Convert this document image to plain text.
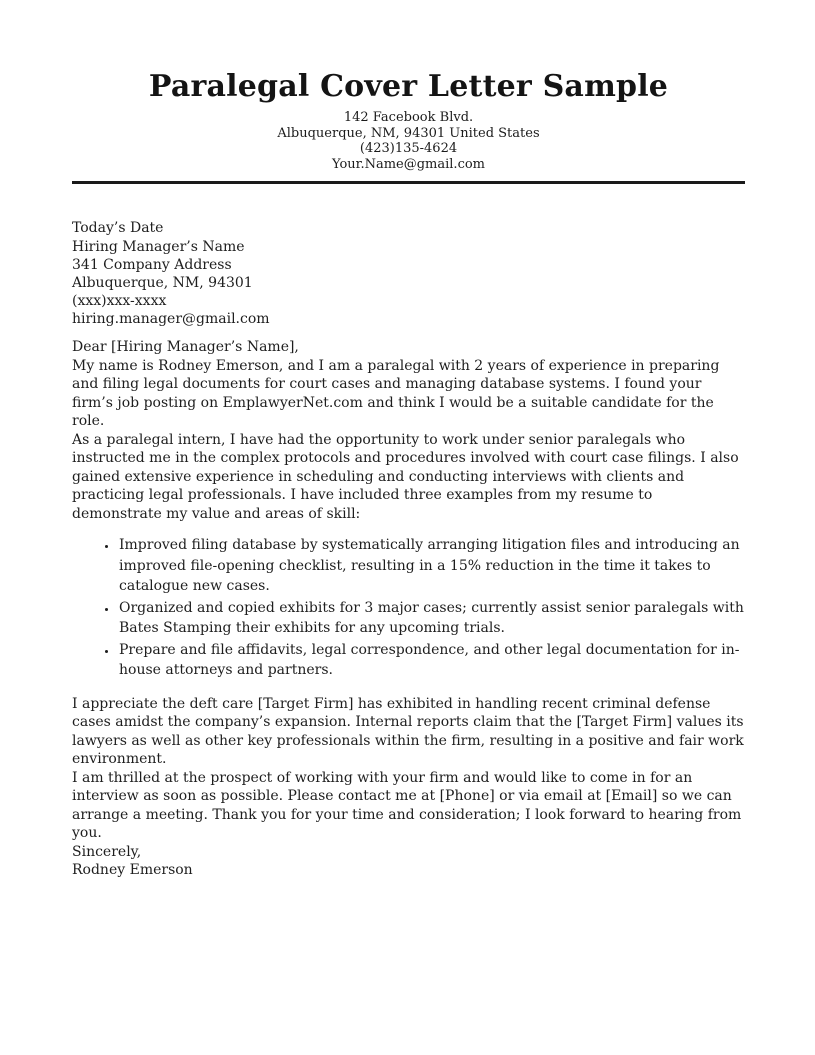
Paralegal Cover Letter Sample
142 Facebook Blvd.
Albuquerque, NM, 94301 United States
(423)135-4624
Your.Name@gmail.com

Today’s Date

Hiring Manager’s Name

341 Company Address
Albuquerque, NM, 94301
(xxx)xxx-xxxx
hiring.manager@gmail.com

Dear [Hiring Manager’s Name],

My name is Rodney Emerson, and I am a paralegal with 2 years of experience in preparing and filing legal documents for court cases and managing database systems. I found your firm’s job posting on EmplawyerNet.com and think I would be a suitable candidate for the role.

As a paralegal intern, I have had the opportunity to work under senior paralegals who instructed me in the complex protocols and procedures involved with court case filings. I also gained extensive experience in scheduling and conducting interviews with clients and practicing legal professionals. I have included three examples from my resume to demonstrate my value and areas of skill:

• Improved filing database by systematically arranging litigation files and introducing an improved file-opening checklist, resulting in a 15% reduction in the time it takes to catalogue new cases.
• Organized and copied exhibits for 3 major cases; currently assist senior paralegals with Bates Stamping their exhibits for any upcoming trials.
• Prepare and file affidavits, legal correspondence, and other legal documentation for in-house attorneys and partners.

I appreciate the deft care [Target Firm] has exhibited in handling recent criminal defense cases amidst the company’s expansion. Internal reports claim that the [Target Firm] values its lawyers as well as other key professionals within the firm, resulting in a positive and fair work environment.

I am thrilled at the prospect of working with your firm and would like to come in for an interview as soon as possible. Please contact me at [Phone] or via email at [Email] so we can arrange a meeting. Thank you for your time and consideration; I look forward to hearing from you.

Sincerely,

Rodney Emerson
